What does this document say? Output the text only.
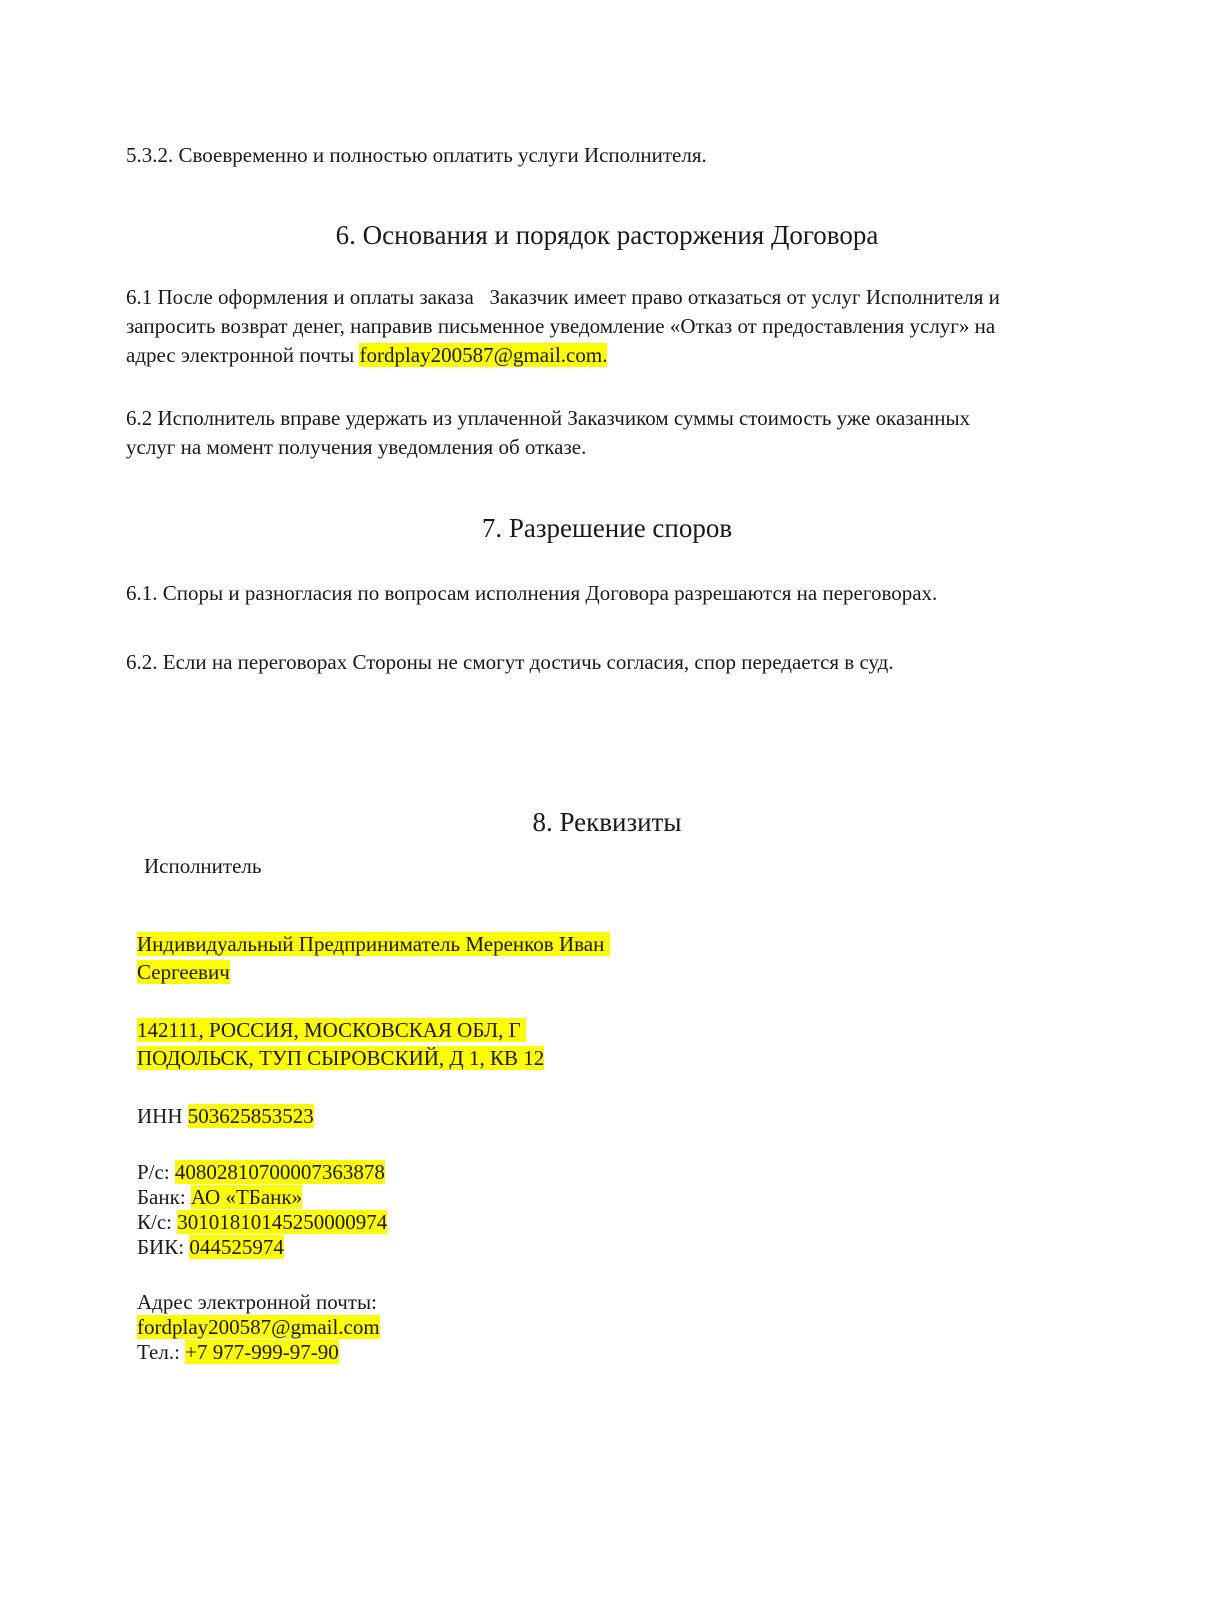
5.3.2. Своевременно и полностью оплатить услуги Исполнителя.
6. Основания и порядок расторжения Договора
6.1 После оформления и оплаты заказа   Заказчик имеет право отказаться от услуг Исполнителя и
запросить возврат денег, направив письменное уведомление «Отказ от предоставления услуг» на
адрес электронной почты fordplay200587@gmail.com.
6.2 Исполнитель вправе удержать из уплаченной Заказчиком суммы стоимость уже оказанных
услуг на момент получения уведомления об отказе.
7. Разрешение споров
6.1. Споры и разногласия по вопросам исполнения Договора разрешаются на переговорах.
6.2. Если на переговорах Стороны не смогут достичь согласия, спор передается в суд.
8. Реквизиты
Исполнитель
Индивидуальный Предприниматель Меренков Иван
Сергеевич
142111, РОССИЯ, МОСКОВСКАЯ ОБЛ, Г
ПОДОЛЬСК, ТУП СЫРОВСКИЙ, Д 1, КВ 12
ИНН 503625853523
Р/с: 40802810700007363878
Банк: АО «ТБанк»
К/с: 30101810145250000974
БИК: 044525974
Адрес электронной почты:
fordplay200587@gmail.com
Тел.: +7 977-999-97-90
